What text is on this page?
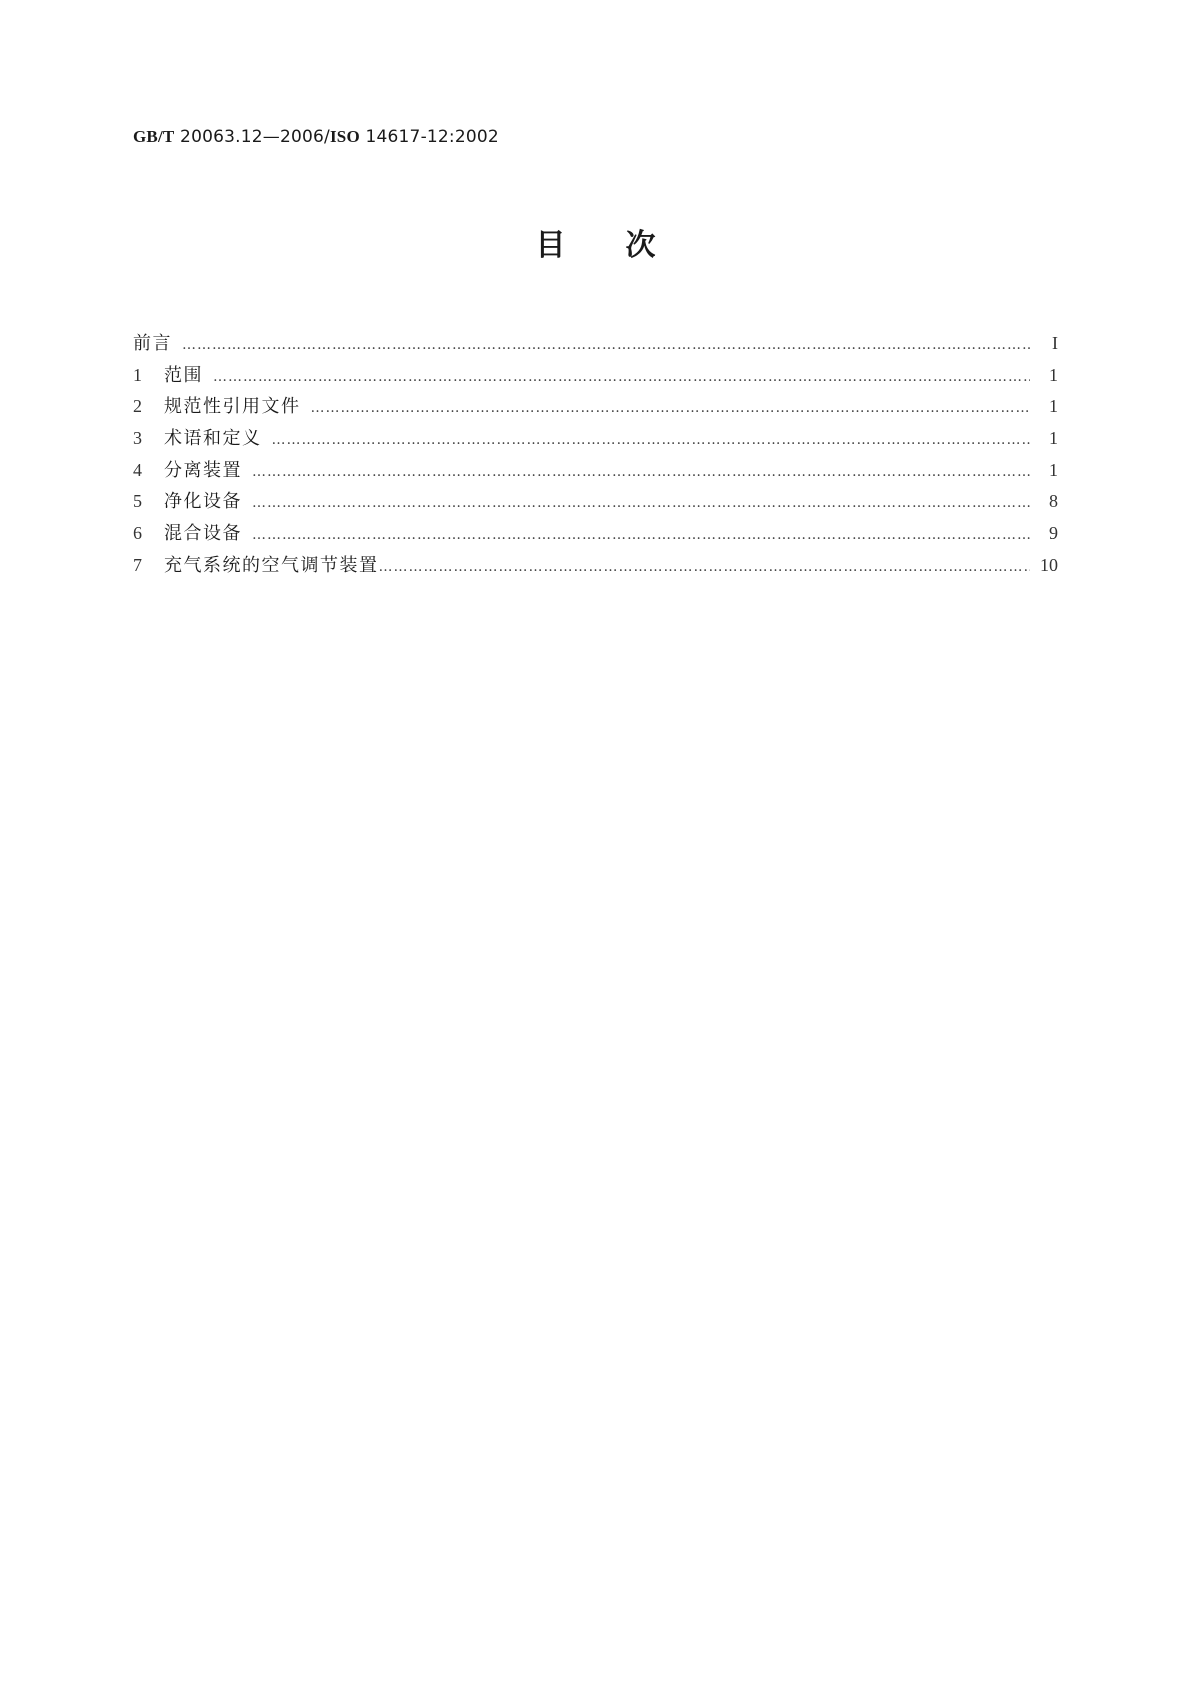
GB/T 20063.12—2006/ISO 14617-12:2002
目次
前言 …………………………………………………………………………………………………………………………………………………………	I
1	范围 …………………………………………………………………………………………………………………………………………………………	1
2	规范性引用文件 …………………………………………………………………………………………………………………………………………………………	1
3	术语和定义 …………………………………………………………………………………………………………………………………………………………	1
4	分离装置 …………………………………………………………………………………………………………………………………………………………	1
5	净化设备 …………………………………………………………………………………………………………………………………………………………	8
6	混合设备 …………………………………………………………………………………………………………………………………………………………	9
7	充气系统的空气调节装置 …………………………………………………………………………………………………………………………………………………………	10
